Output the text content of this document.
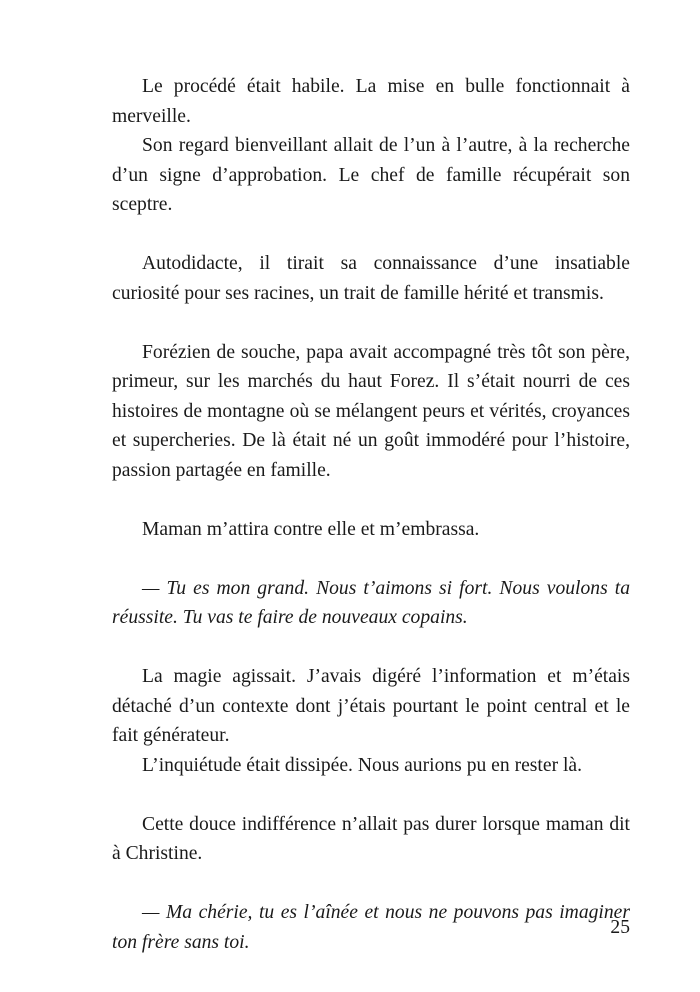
Le procédé était habile. La mise en bulle fonctionnait à merveille.

Son regard bienveillant allait de l’un à l’autre, à la recherche d’un signe d’approbation. Le chef de famille récupérait son sceptre.

Autodidacte, il tirait sa connaissance d’une insatiable curiosité pour ses racines, un trait de famille hérité et transmis.

Forézien de souche, papa avait accompagné très tôt son père, primeur, sur les marchés du haut Forez. Il s’était nourri de ces histoires de montagne où se mélangent peurs et vérités, croyances et supercheries. De là était né un goût immodéré pour l’histoire, passion partagée en famille.

Maman m’attira contre elle et m’embrassa.

— Tu es mon grand. Nous t’aimons si fort. Nous voulons ta réussite. Tu vas te faire de nouveaux copains.

La magie agissait. J’avais digéré l’information et m’étais détaché d’un contexte dont j’étais pourtant le point central et le fait générateur.

L’inquiétude était dissipée. Nous aurions pu en rester là.

Cette douce indifférence n’allait pas durer lorsque maman dit à Christine.

— Ma chérie, tu es l’aînée et nous ne pouvons pas imaginer ton frère sans toi.

25
